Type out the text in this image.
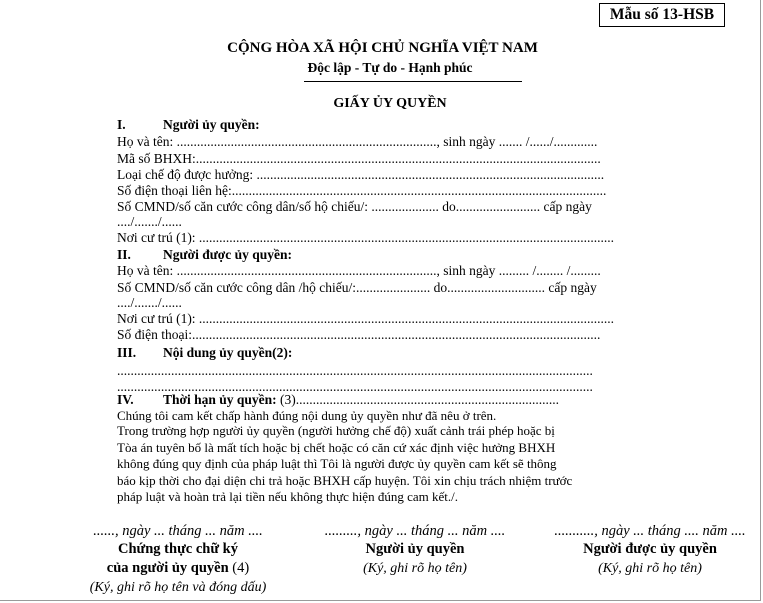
Mẫu số 13-HSB
CỘNG HÒA XÃ HỘI CHỦ NGHĨA VIỆT NAM
Độc lập - Tự do - Hạnh phúc
GIẤY ỦY QUYỀN
I.	Người ủy quyền:
Họ và tên: ............................................................................., sinh ngày ....... /....../.............
Mã số BHXH:........................................................................................................................
Loại chế độ được hưởng: .......................................................................................................
Số điện thoại liên hệ:...............................................................................................................
Số CMND/số căn cước công dân/số hộ chiếu/: .................... do......................... cấp ngày
..../......./......
Nơi cư trú (1): ...........................................................................................................................
II. Người được ủy quyền:
Họ và tên: ............................................................................., sinh ngày ......... /........ /.........
Số CMND/số căn cước công dân /hộ chiếu/:...................... do............................. cấp ngày
..../......./......
Nơi cư trú (1): ...........................................................................................................................
Số điện thoại:.........................................................................................................................
III. Nội dung ủy quyền(2):
.............................................................................................................................................
.............................................................................................................................................
IV. Thời hạn ủy quyền: (3)..............................................................................
Chúng tôi cam kết chấp hành đúng nội dung ủy quyền như đã nêu ở trên.
Trong trường hợp người ủy quyền (người hưởng chế độ) xuất cảnh trái phép hoặc bị Tòa án tuyên bố là mất tích hoặc bị chết hoặc có căn cứ xác định việc hưởng BHXH không đúng quy định của pháp luật thì Tôi là người được ủy quyền cam kết sẽ thông báo kịp thời cho đại diện chi trả hoặc BHXH cấp huyện. Tôi xin chịu trách nhiệm trước pháp luật và hoàn trả lại tiền nếu không thực hiện đúng cam kết./.
......, ngày ... tháng ... năm ....
Chứng thực chữ ký
của người ủy quyền (4)
(Ký, ghi rõ họ tên và đóng dấu)
........., ngày ... tháng ... năm ....
Người ủy quyền
(Ký, ghi rõ họ tên)
..........., ngày ... tháng .... năm ....
Người được ủy quyền
(Ký, ghi rõ họ tên)
